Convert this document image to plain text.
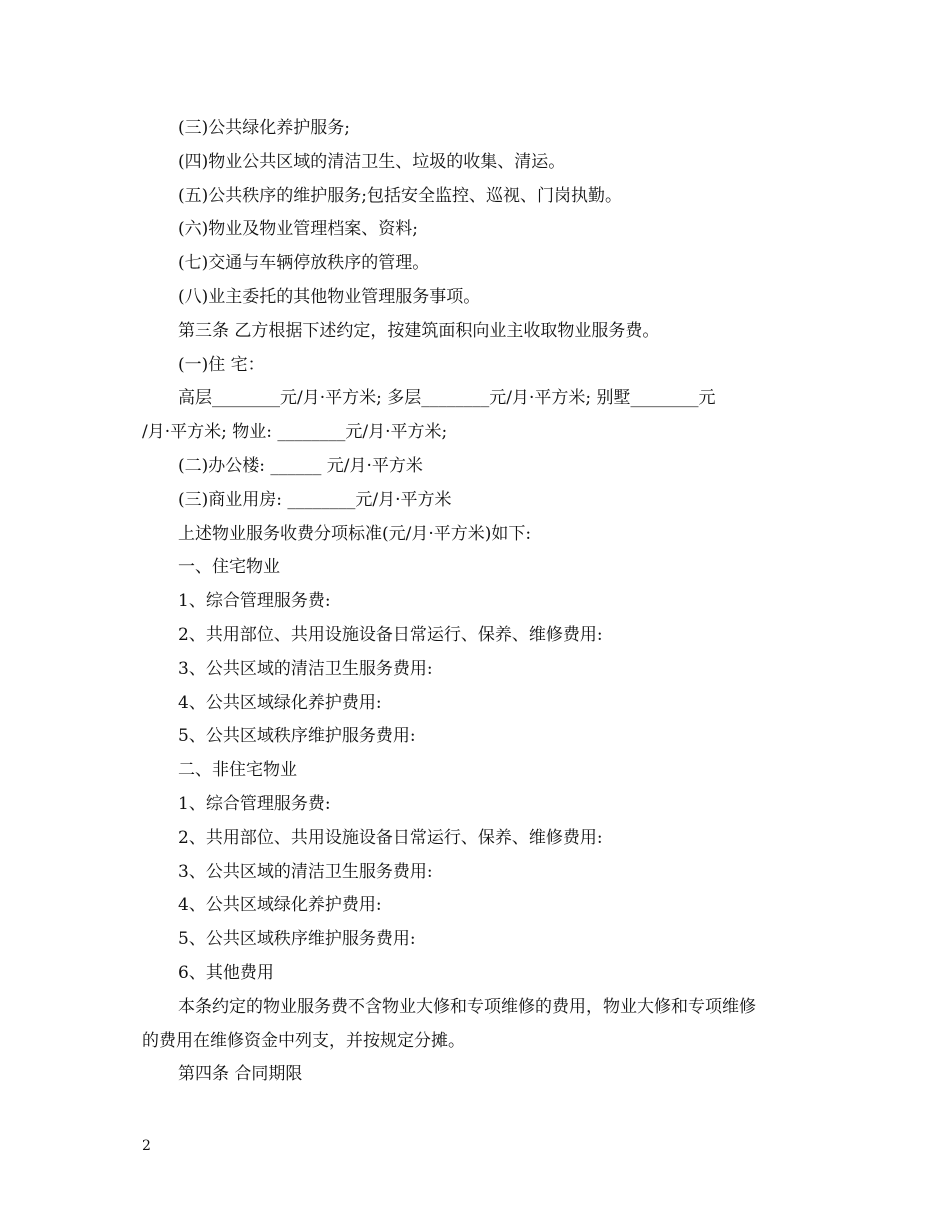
(三)公共绿化养护服务;

(四)物业公共区域的清洁卫生、垃圾的收集、清运。

(五)公共秩序的维护服务;包括安全监控、巡视、门岗执勤。

(六)物业及物业管理档案、资料;

(七)交通与车辆停放秩序的管理。

(八)业主委托的其他物业管理服务事项。

第三条 乙方根据下述约定，按建筑面积向业主收取物业服务费。

(一)住 宅：

高层________元/月·平方米; 多层________元/月·平方米; 别墅________元

/月·平方米; 物业: ________元/月·平方米;

(二)办公楼: ______ 元/月·平方米

(三)商业用房: ________元/月·平方米

上述物业服务收费分项标准(元/月·平方米)如下:

一、住宅物业

1、综合管理服务费:

2、共用部位、共用设施设备日常运行、保养、维修费用:

3、公共区域的清洁卫生服务费用:

4、公共区域绿化养护费用:

5、公共区域秩序维护服务费用:

二、非住宅物业

1、综合管理服务费:

2、共用部位、共用设施设备日常运行、保养、维修费用:

3、公共区域的清洁卫生服务费用:

4、公共区域绿化养护费用:

5、公共区域秩序维护服务费用:

6、其他费用

本条约定的物业服务费不含物业大修和专项维修的费用，物业大修和专项维修

的费用在维修资金中列支，并按规定分摊。

第四条 合同期限

2
